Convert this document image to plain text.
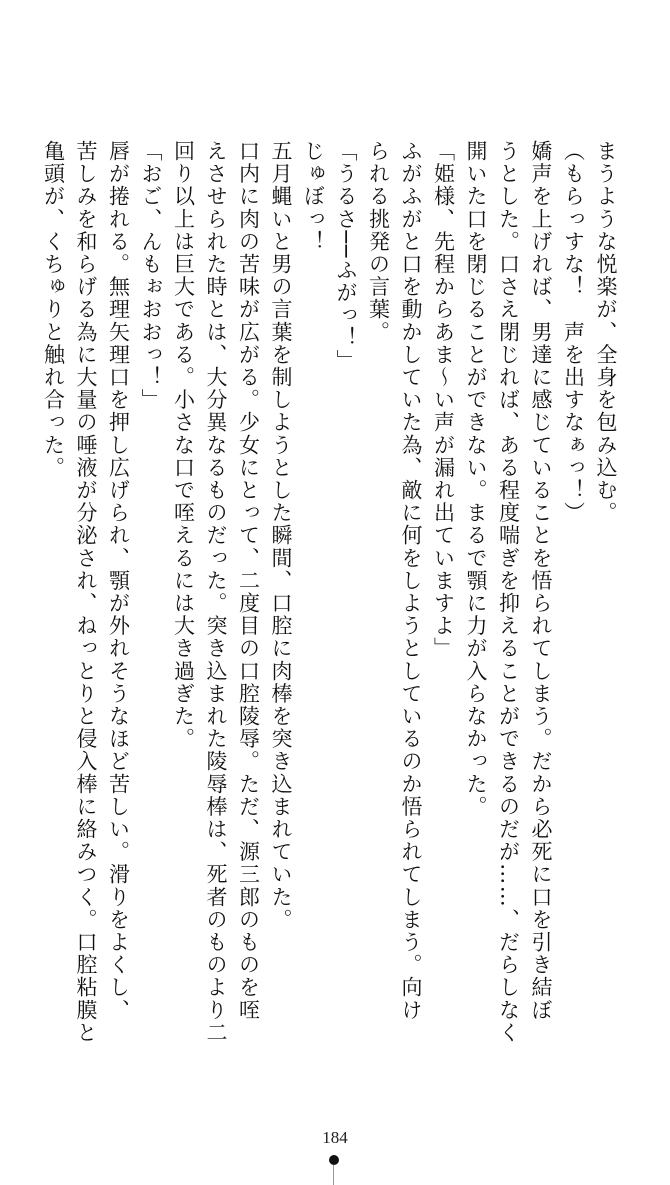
まうような悦楽が、全身を包み込む。

（もらっすな！　声を出すなぁっ！）

嬌声を上げれば、男達に感じていることを悟られてしまう。だから必死に口を引き結ぼ

うとした。口さえ閉じれば、ある程度喘ぎを抑えることができるのだが……、だらしなく

開いた口を閉じることができない。まるで顎に力が入らなかった。

「姫様、先程からあま～い声が漏れ出ていますよ」

ふがふがと口を動かしていた為、敵に何をしようとしているのか悟られてしまう。向け

られる挑発の言葉。

「うるさ──ふがっ！」

じゅぼっ！

五月蝿いと男の言葉を制しようとした瞬間、口腔に肉棒を突き込まれていた。

口内に肉の苦味が広がる。少女にとって、二度目の口腔陵辱。ただ、源三郎のものを咥

えさせられた時とは、大分異なるものだった。突き込まれた陵辱棒は、死者のものより二

回り以上は巨大である。小さな口で咥えるには大き過ぎた。

「おご、んもぉおおっ！」

唇が捲れる。無理矢理口を押し広げられ、顎が外れそうなほど苦しい。滑りをよくし、

苦しみを和らげる為に大量の唾液が分泌され、ねっとりと侵入棒に絡みつく。口腔粘膜と

亀頭が、くちゅりと触れ合った。

184
